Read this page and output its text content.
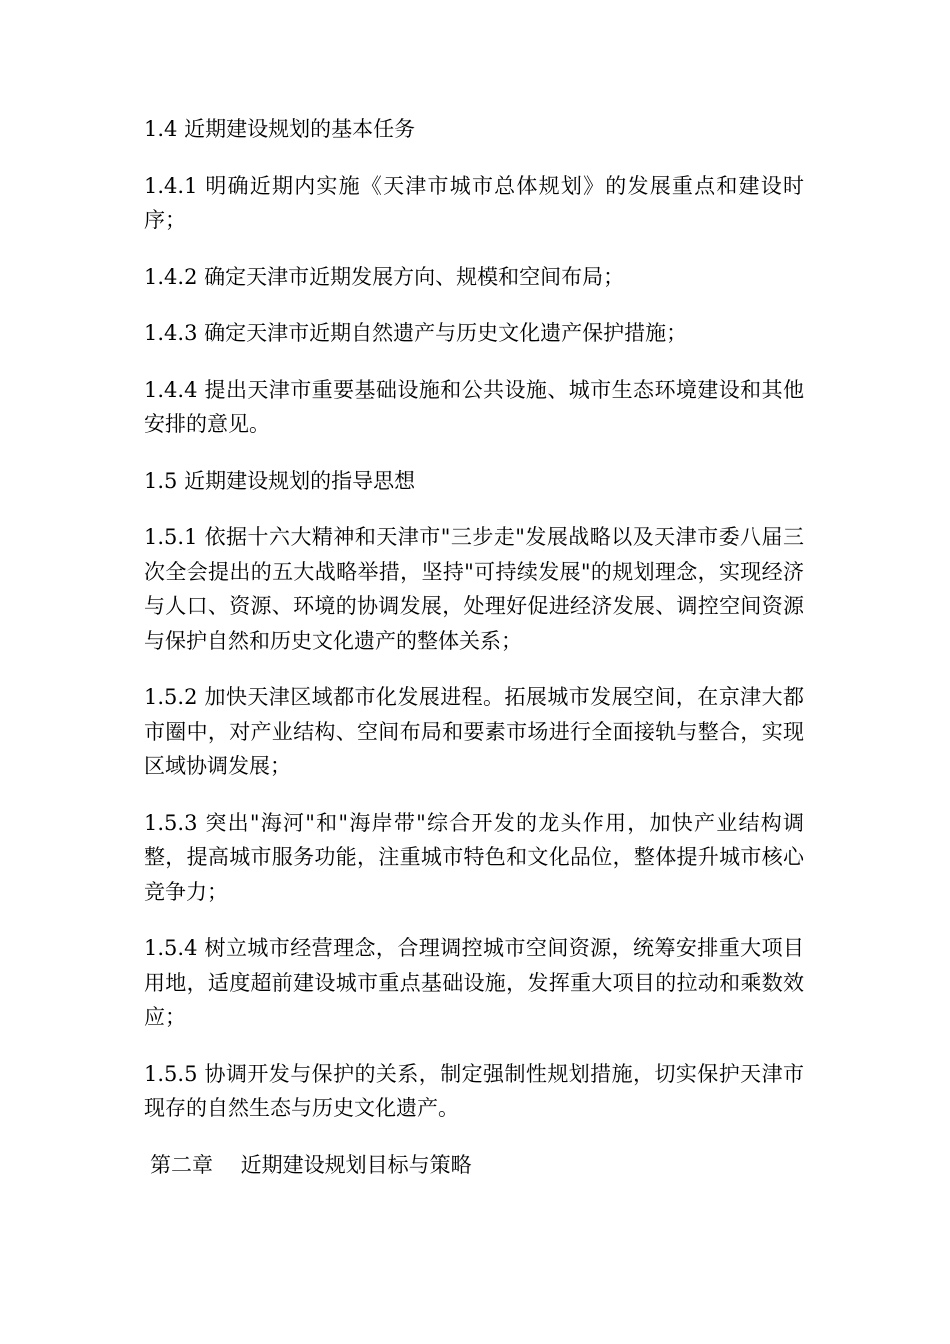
1.4 近期建设规划的基本任务

1.4.1 明确近期内实施《天津市城市总体规划》的发展重点和建设时序；

1.4.2 确定天津市近期发展方向、规模和空间布局；

1.4.3 确定天津市近期自然遗产与历史文化遗产保护措施；

1.4.4 提出天津市重要基础设施和公共设施、城市生态环境建设和其他安排的意见。

1.5 近期建设规划的指导思想

1.5.1 依据十六大精神和天津市"三步走"发展战略以及天津市委八届三次全会提出的五大战略举措，坚持"可持续发展"的规划理念，实现经济与人口、资源、环境的协调发展，处理好促进经济发展、调控空间资源与保护自然和历史文化遗产的整体关系；

1.5.2 加快天津区域都市化发展进程。拓展城市发展空间，在京津大都市圈中，对产业结构、空间布局和要素市场进行全面接轨与整合，实现区域协调发展；

1.5.3 突出"海河"和"海岸带"综合开发的龙头作用，加快产业结构调整，提高城市服务功能，注重城市特色和文化品位，整体提升城市核心竞争力；

1.5.4 树立城市经营理念，合理调控城市空间资源，统筹安排重大项目用地，适度超前建设城市重点基础设施，发挥重大项目的拉动和乘数效应；

1.5.5 协调开发与保护的关系，制定强制性规划措施，切实保护天津市现存的自然生态与历史文化遗产。

第二章　 近期建设规划目标与策略
